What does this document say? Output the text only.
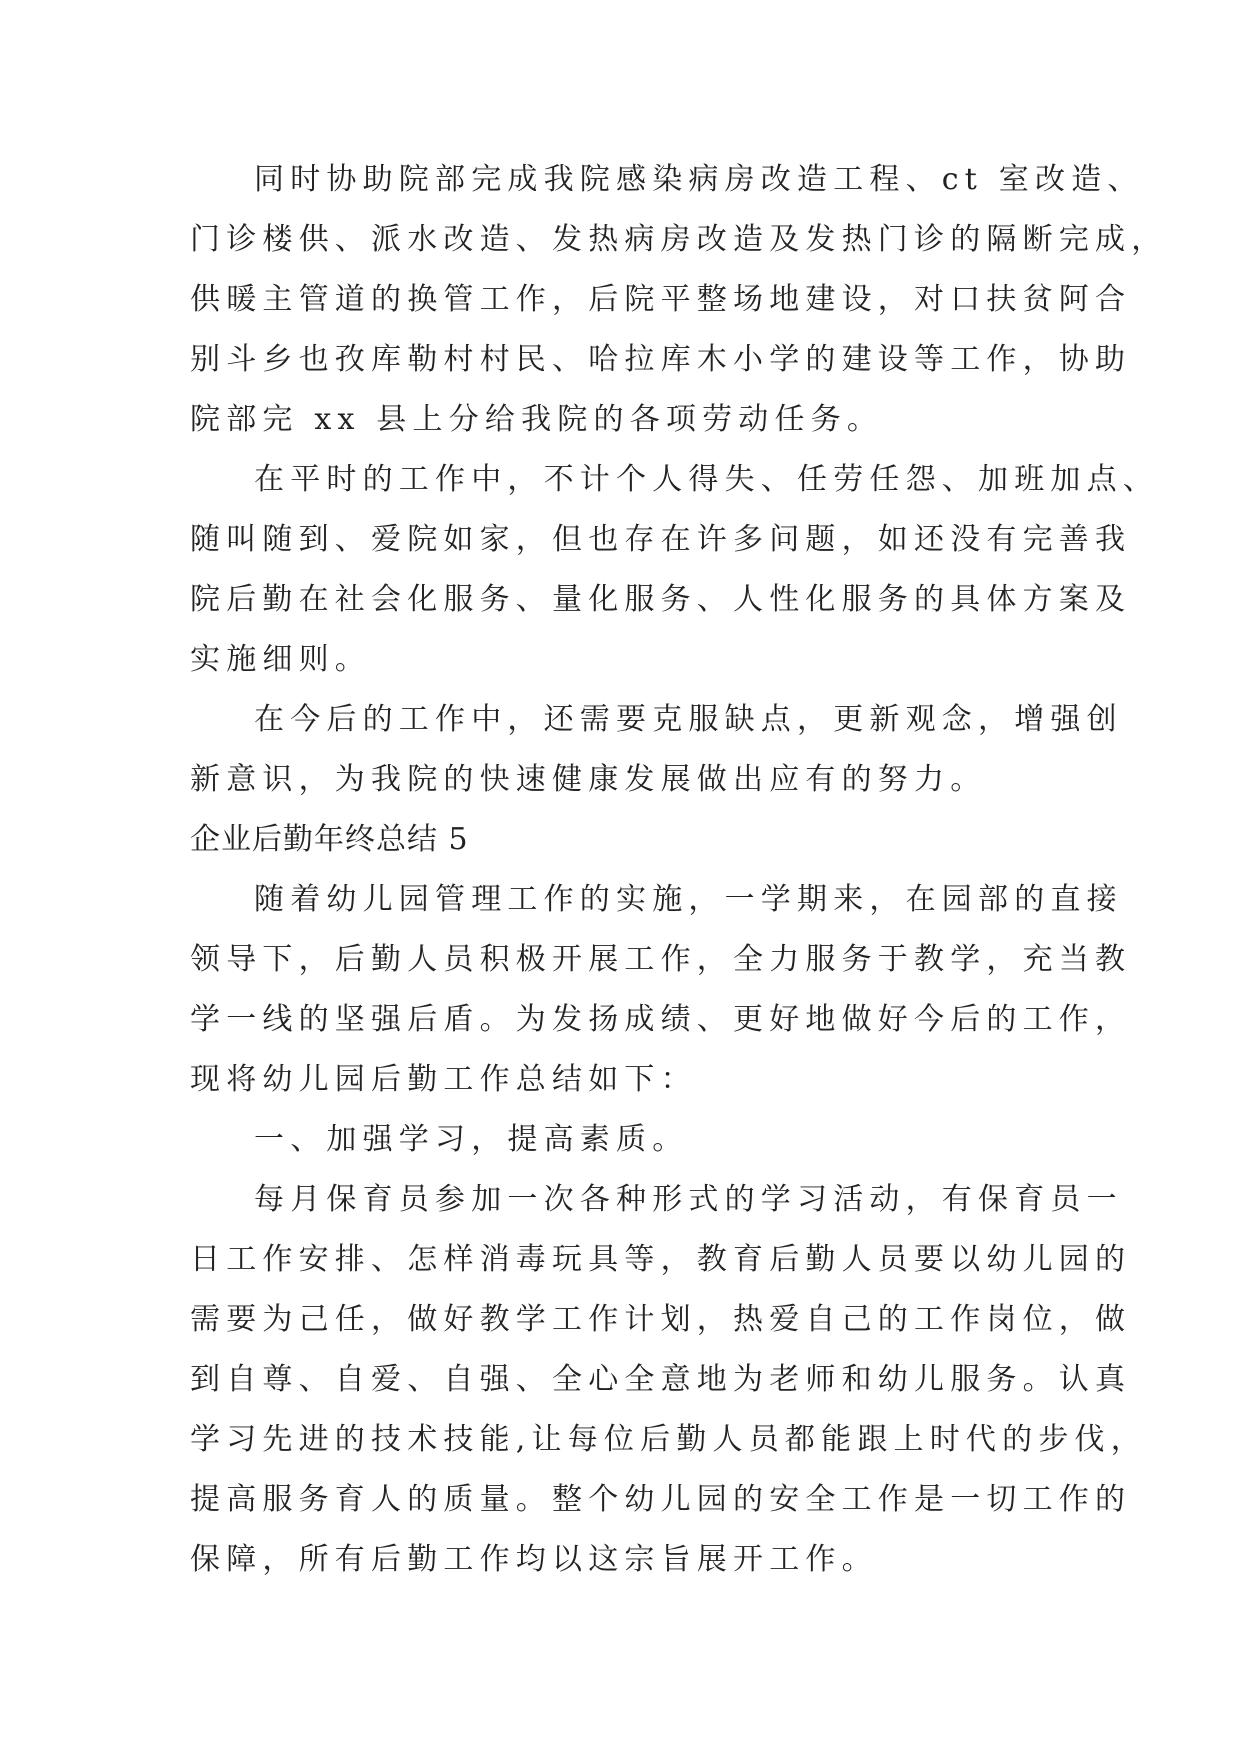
同时协助院部完成我院感染病房改造工程、ct 室改造、
门诊楼供、派水改造、发热病房改造及发热门诊的隔断完成，
供暖主管道的换管工作，后院平整场地建设，对口扶贫阿合
别斗乡也孜库勒村村民、哈拉库木小学的建设等工作，协助
院部完 xx 县上分给我院的各项劳动任务。
在平时的工作中，不计个人得失、任劳任怨、加班加点、
随叫随到、爱院如家，但也存在许多问题，如还没有完善我
院后勤在社会化服务、量化服务、人性化服务的具体方案及
实施细则。
在今后的工作中，还需要克服缺点，更新观念，增强创
新意识，为我院的快速健康发展做出应有的努力。
企业后勤年终总结 5
随着幼儿园管理工作的实施，一学期来，在园部的直接
领导下，后勤人员积极开展工作，全力服务于教学，充当教
学一线的坚强后盾。为发扬成绩、更好地做好今后的工作，
现将幼儿园后勤工作总结如下：
一、加强学习，提高素质。
每月保育员参加一次各种形式的学习活动，有保育员一
日工作安排、怎样消毒玩具等，教育后勤人员要以幼儿园的
需要为己任，做好教学工作计划，热爱自己的工作岗位，做
到自尊、自爱、自强、全心全意地为老师和幼儿服务。认真
学习先进的技术技能,让每位后勤人员都能跟上时代的步伐，
提高服务育人的质量。整个幼儿园的安全工作是一切工作的
保障，所有后勤工作均以这宗旨展开工作。
